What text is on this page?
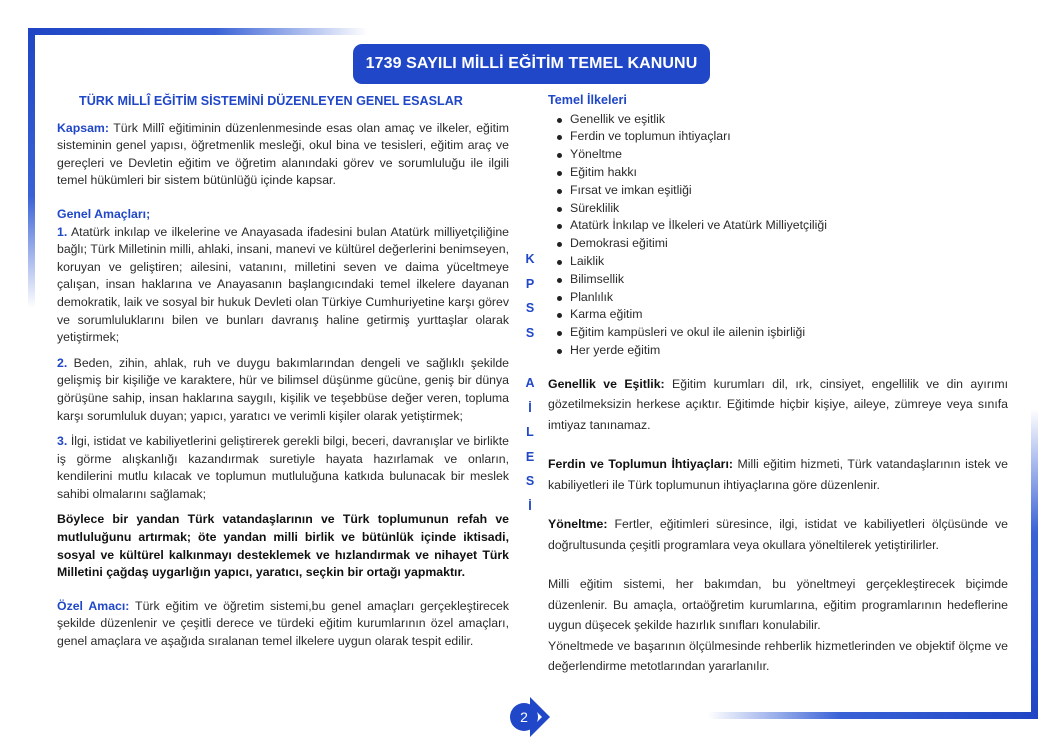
1739 SAYILI MİLLİ EĞİTİM TEMEL KANUNU
TÜRK MİLLÎ EĞİTİM SİSTEMİNİ DÜZENLEYEN GENEL ESASLAR

Kapsam: Türk Millî eğitiminin düzenlenmesinde esas olan amaç ve ilkeler, eğitim sisteminin genel yapısı, öğretmenlik mesleği, okul bina ve tesisleri, eğitim araç ve gereçleri ve Devletin eğitim ve öğretim alanındaki görev ve sorumluluğu ile ilgili temel hükümleri bir sistem bütünlüğü içinde kapsar.

Genel Amaçları;

1. Atatürk inkılap ve ilkelerine ve Anayasada ifadesini bulan Atatürk milliyetçiliğine bağlı; Türk Milletinin milli, ahlaki, insani, manevi ve kültürel değerlerini benimseyen, koruyan ve geliştiren; ailesini, vatanını, milletini seven ve daima yüceltmeye çalışan, insan haklarına ve Anayasanın başlangıcındaki temel ilkelere dayanan demokratik, laik ve sosyal bir hukuk Devleti olan Türkiye Cumhuriyetine karşı görev ve sorumluluklarını bilen ve bunları davranış haline getirmiş yurttaşlar olarak yetiştirmek;

2. Beden, zihin, ahlak, ruh ve duygu bakımlarından dengeli ve sağlıklı şekilde gelişmiş bir kişiliğe ve karaktere, hür ve bilimsel düşünme gücüne, geniş bir dünya görüşüne sahip, insan haklarına saygılı, kişilik ve teşebbüse değer veren, topluma karşı sorumluluk duyan; yapıcı, yaratıcı ve verimli kişiler olarak yetiştirmek;

3. İlgi, istidat ve kabiliyetlerini geliştirerek gerekli bilgi, beceri, davranışlar ve birlikte iş görme alışkanlığı kazandırmak suretiyle hayata hazırlamak ve onların, kendilerini mutlu kılacak ve toplumun mutluluğuna katkıda bulunacak bir meslek sahibi olmalarını sağlamak;

Böylece bir yandan Türk vatandaşlarının ve Türk toplumunun refah ve mutluluğunu artırmak; öte yandan milli birlik ve bütünlük içinde iktisadi, sosyal ve kültürel kalkınmayı desteklemek ve hızlandırmak ve nihayet Türk Milletini çağdaş uygarlığın yapıcı, yaratıcı, seçkin bir ortağı yapmaktır.

Özel Amacı: Türk eğitim ve öğretim sistemi,bu genel amaçları gerçekleştirecek şekilde düzenlenir ve çeşitli derece ve türdeki eğitim kurumlarının özel amaçları, genel amaçlara ve aşağıda sıralanan temel ilkelere uygun olarak tespit edilir.

K
P
S
S
A
İ
L
E
S
İ
Temel İlkeleri
Genellik ve eşitlik
Ferdin ve toplumun ihtiyaçları
Yöneltme
Eğitim hakkı
Fırsat ve imkan eşitliği
Süreklilik
Atatürk İnkılap ve İlkeleri ve Atatürk Milliyetçiliği
Demokrasi eğitimi
Laiklik
Bilimsellik
Planlılık
Karma eğitim
Eğitim kampüsleri ve okul ile ailenin işbirliği
Her yerde eğitim

Genellik ve Eşitlik: Eğitim kurumları dil, ırk, cinsiyet, engellilik ve din ayırımı gözetilmeksizin herkese açıktır. Eğitimde hiçbir kişiye, aileye, zümreye veya sınıfa imtiyaz tanınamaz.

Ferdin ve Toplumun İhtiyaçları: Milli eğitim hizmeti, Türk vatandaşlarının istek ve kabiliyetleri ile Türk toplumunun ihtiyaçlarına göre düzenlenir.

Yöneltme: Fertler, eğitimleri süresince, ilgi, istidat ve kabiliyetleri ölçüsünde ve doğrultusunda çeşitli programlara veya okullara yöneltilerek yetiştirilirler.

Milli eğitim sistemi, her bakımdan, bu yöneltmeyi gerçekleştirecek biçimde düzenlenir. Bu amaçla, ortaöğretim kurumlarına, eğitim programlarının hedeflerine uygun düşecek şekilde hazırlık sınıfları konulabilir.

Yöneltmede ve başarının ölçülmesinde rehberlik hizmetlerinden ve objektif ölçme ve değerlendirme metotlarından yararlanılır.

2
